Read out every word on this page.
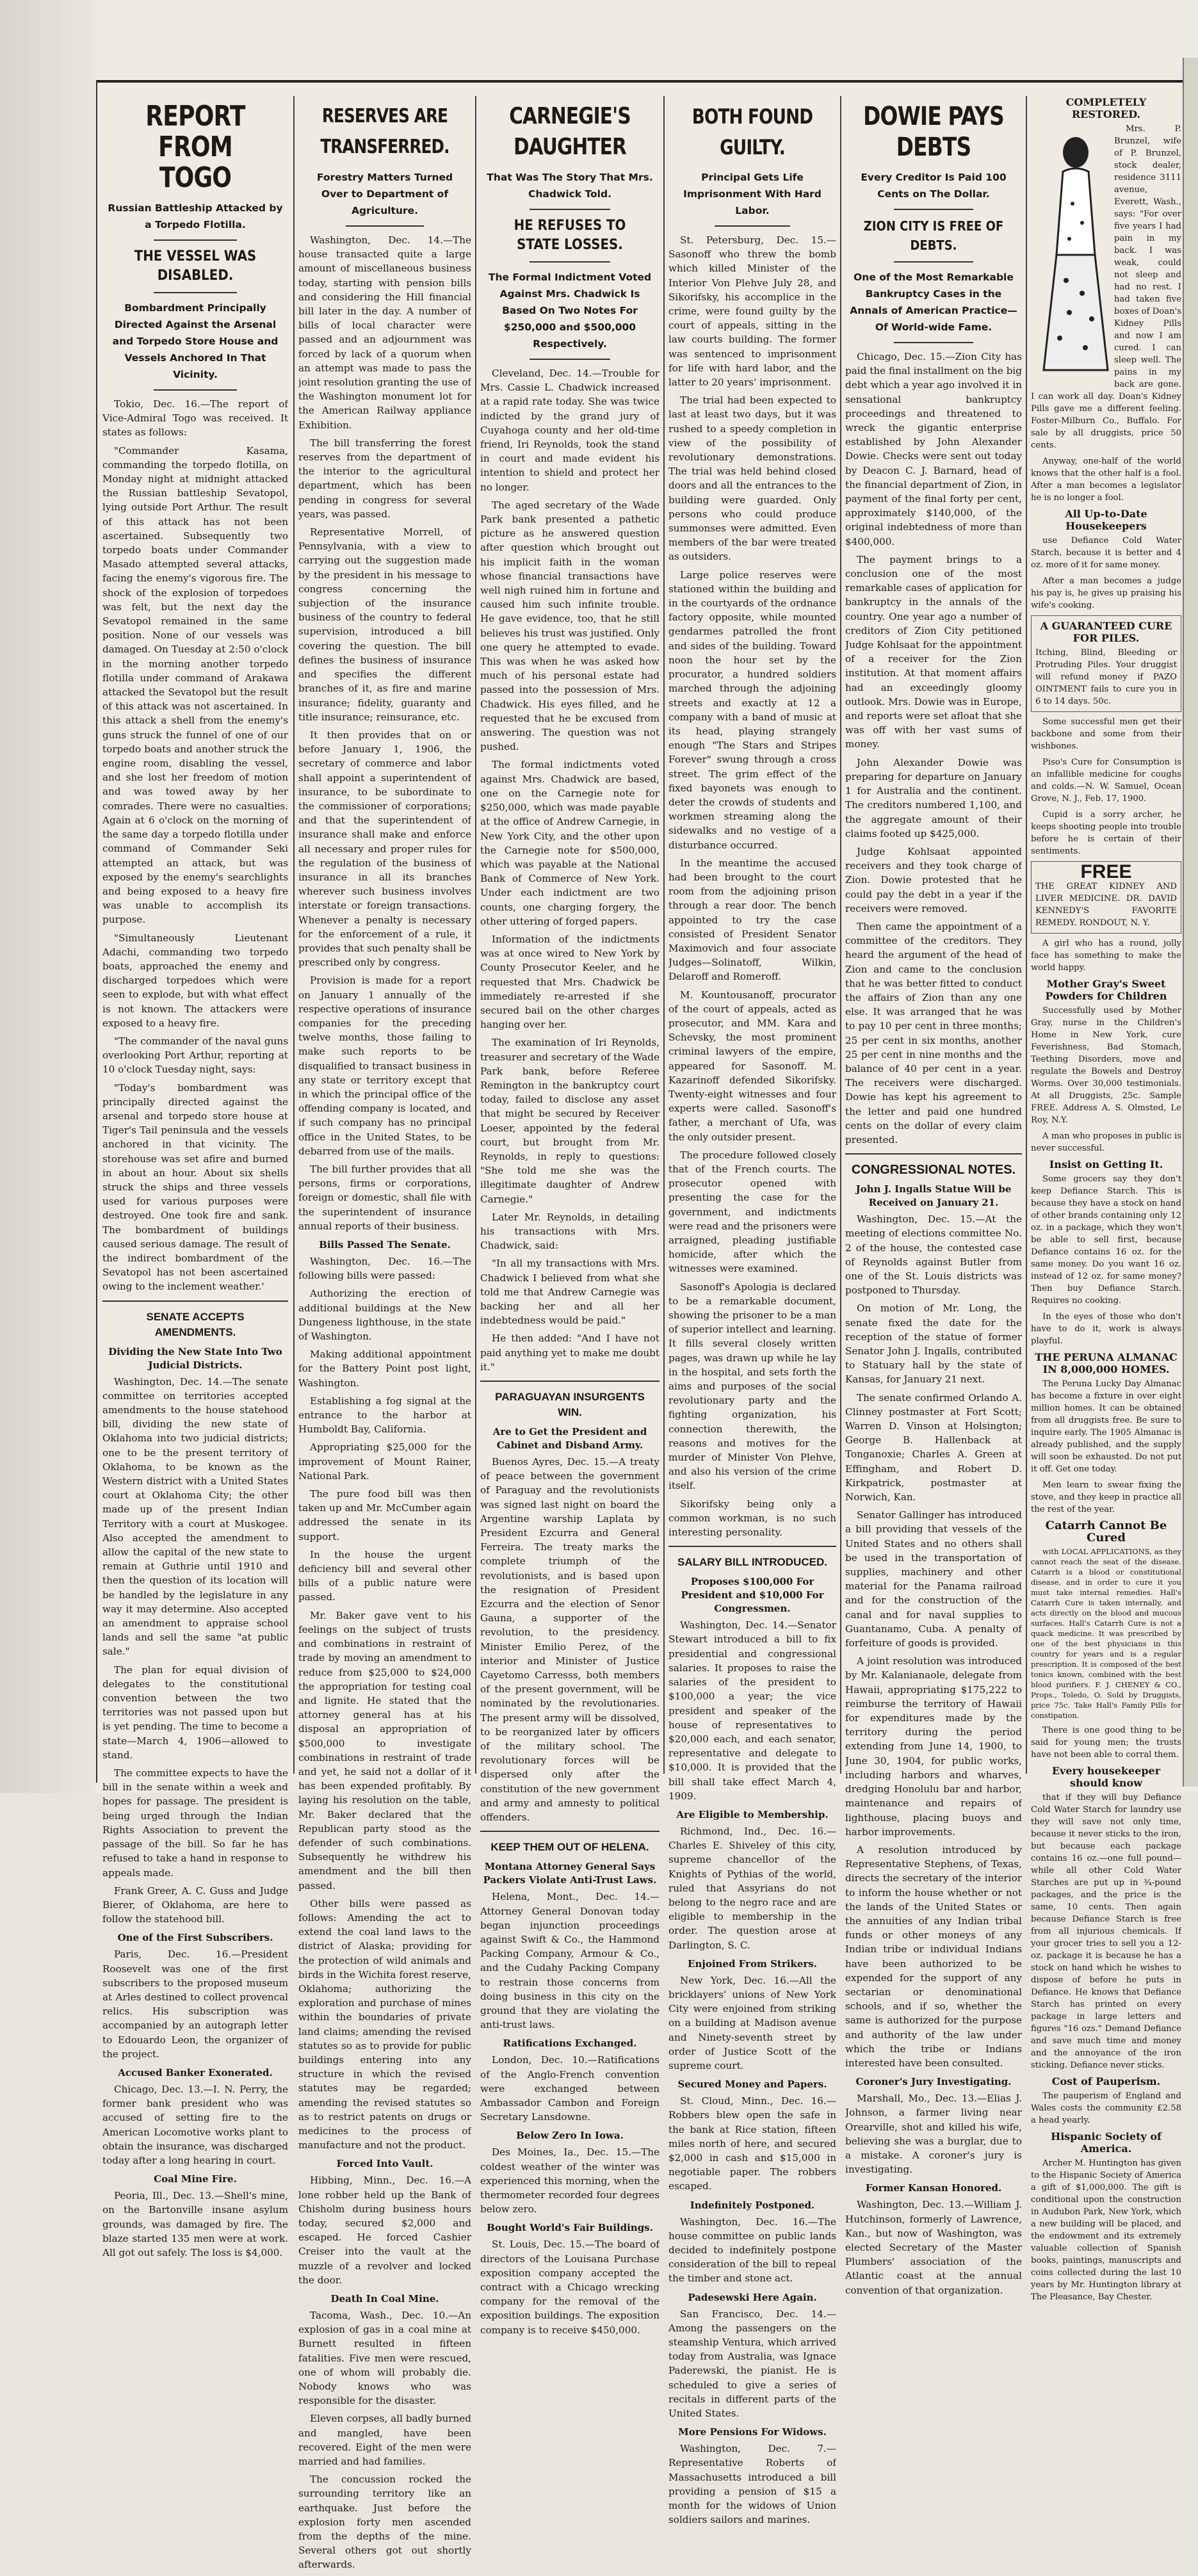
REPORT FROM TOGO
Russian Battleship Attacked by a Torpedo Flotilla.
THE VESSEL WAS DISABLED.
Bombardment Principally Directed Against the Arsenal and Torpedo Store House and Vessels Anchored In That Vicinity.

Tokio, Dec. 16.—The report of Vice-Admiral Togo was received. It states as follows:

"Commander Kasama, commanding the torpedo flotilla, on Monday night at midnight attacked the Russian battleship Sevatopol, lying outside Port Arthur. The result of this attack has not been ascertained. Subsequently two torpedo boats under Commander Masado attempted several attacks, facing the enemy's vigorous fire. The shock of the explosion of torpedoes was felt, but the next day the Sevatopol remained in the same position. None of our vessels was damaged. On Tuesday at 2:50 o'clock in the morning another torpedo flotilla under command of Arakawa attacked the Sevatopol but the result of this attack was not ascertained. In this attack a shell from the enemy's guns struck the funnel of one of our torpedo boats and another struck the engine room, disabling the vessel, and she lost her freedom of motion and was towed away by her comrades. There were no casualties. Again at 6 o'clock on the morning of the same day a torpedo flotilla under command of Commander Seki attempted an attack, but was exposed by the enemy's searchlights and being exposed to a heavy fire was unable to accomplish its purpose.

"Simultaneously Lieutenant Adachi, commanding two torpedo boats, approached the enemy and discharged torpedoes which were seen to explode, but with what effect is not known. The attackers were exposed to a heavy fire.

"The commander of the naval guns overlooking Port Arthur, reporting at 10 o'clock Tuesday night, says:

"Today's bombardment was principally directed against the arsenal and torpedo store house at Tiger's Tail peninsula and the vessels anchored in that vicinity. The storehouse was set afire and burned in about an hour. About six shells struck the ships and three vessels used for various purposes were destroyed. One took fire and sank. The bombardment of buildings caused serious damage. The result of the indirect bombardment of the Sevatopol has not been ascertained owing to the inclement weather.'

SENATE ACCEPTS AMENDMENTS.
Dividing the New State Into Two Judicial Districts.

Washington, Dec. 14.—The senate committee on territories accepted amendments to the house statehood bill, dividing the new state of Oklahoma into two judicial districts; one to be the present territory of Oklahoma, to be known as the Western district with a United States court at Oklahoma City; the other made up of the present Indian Territory with a court at Muskogee. Also accepted the amendment to allow the capital of the new state to remain at Guthrie until 1910 and then the question of its location will be handled by the legislature in any way it may determine. Also accepted an amendment to appraise school lands and sell the same "at public sale."

The plan for equal division of delegates to the constitutional convention between the two territories was not passed upon but is yet pending. The time to become a state—March 4, 1906—allowed to stand.

The committee expects to have the bill in the senate within a week and hopes for passage. The president is being urged through the Indian Rights Association to prevent the passage of the bill. So far he has refused to take a hand in response to appeals made.

Frank Greer, A. C. Guss and Judge Bierer, of Oklahoma, are here to follow the statehood bill.

One of the First Subscribers.

Paris, Dec. 16.—President Roosevelt was one of the first subscribers to the proposed museum at Arles destined to collect provencal relics. His subscription was accompanied by an autograph letter to Edouardo Leon, the organizer of the project.

Accused Banker Exonerated.

Chicago, Dec. 13.—I. N. Perry, the former bank president who was accused of setting fire to the American Locomotive works plant to obtain the insurance, was discharged today after a long hearing in court.

Coal Mine Fire.

Peoria, Ill., Dec. 13.—Shell's mine, on the Bartonville insane asylum grounds, was damaged by fire. The blaze started 135 men were at work. All got out safely. The loss is $4,000.

RESERVES ARE TRANSFERRED.
Forestry Matters Turned Over to Department of Agriculture.

Washington, Dec. 14.—The house transacted quite a large amount of miscellaneous business today, starting with pension bills and considering the Hill financial bill later in the day. A number of bills of local character were passed and an adjournment was forced by lack of a quorum when an attempt was made to pass the joint resolution granting the use of the Washington monument lot for the American Railway appliance Exhibition.

The bill transferring the forest reserves from the department of the interior to the agricultural department, which has been pending in congress for several years, was passed.

Representative Morrell, of Pennsylvania, with a view to carrying out the suggestion made by the president in his message to congress concerning the subjection of the insurance business of the country to federal supervision, introduced a bill covering the question. The bill defines the business of insurance and specifies the different branches of it, as fire and marine insurance; fidelity, guaranty and title insurance; reinsurance, etc.

It then provides that on or before January 1, 1906, the secretary of commerce and labor shall appoint a superintendent of insurance, to be subordinate to the commissioner of corporations; and that the superintendent of insurance shall make and enforce all necessary and proper rules for the regulation of the business of insurance in all its branches wherever such business involves interstate or foreign transactions. Whenever a penalty is necessary for the enforcement of a rule, it provides that such penalty shall be prescribed only by congress.

Provision is made for a report on January 1 annually of the respective operations of insurance companies for the preceding twelve months, those failing to make such reports to be disqualified to transact business in any state or territory except that in which the principal office of the offending company is located, and if such company has no principal office in the United States, to be debarred from use of the mails.

The bill further provides that all persons, firms or corporations, foreign or domestic, shall file with the superintendent of insurance annual reports of their business.

Bills Passed The Senate.

Washington, Dec. 16.—The following bills were passed:

Authorizing the erection of additional buildings at the New Dungeness lighthouse, in the state of Washington.

Making additional appointment for the Battery Point post light, Washington.

Establishing a fog signal at the entrance to the harbor at Humboldt Bay, California.

Appropriating $25,000 for the improvement of Mount Rainer, National Park.

The pure food bill was then taken up and Mr. McCumber again addressed the senate in its support.

In the house the urgent deficiency bill and several other bills of a public nature were passed.

Mr. Baker gave vent to his feelings on the subject of trusts and combinations in restraint of trade by moving an amendment to reduce from $25,000 to $24,000 the appropriation for testing coal and lignite. He stated that the attorney general has at his disposal an appropriation of $500,000 to investigate combinations in restraint of trade and yet, he said not a dollar of it has been expended profitably. By laying his resolution on the table, Mr. Baker declared that the Republican party stood as the defender of such combinations. Subsequently he withdrew his amendment and the bill then passed.

Other bills were passed as follows: Amending the act to extend the coal land laws to the district of Alaska; providing for the protection of wild animals and birds in the Wichita forest reserve, Oklahoma; authorizing the exploration and purchase of mines within the boundaries of private land claims; amending the revised statutes so as to provide for public buildings entering into any structure in which the revised statutes may be regarded; amending the revised statutes so as to restrict patents on drugs or medicines to the process of manufacture and not the product.

Forced Into Vault.

Hibbing, Minn., Dec. 16.—A lone robber held up the Bank of Chisholm during business hours today, secured $2,000 and escaped. He forced Cashier Creiser into the vault at the muzzle of a revolver and locked the door.

Death In Coal Mine.

Tacoma, Wash., Dec. 10.—An explosion of gas in a coal mine at Burnett resulted in fifteen fatalities. Five men were rescued, one of whom will probably die. Nobody knows who was responsible for the disaster.

Eleven corpses, all badly burned and mangled, have been recovered. Eight of the men were married and had families.

The concussion rocked the surrounding territory like an earthquake. Just before the explosion forty men ascended from the depths of the mine. Several others got out shortly afterwards.

CARNEGIE'S DAUGHTER
That Was The Story That Mrs. Chadwick Told.
HE REFUSES TO STATE LOSSES.
The Formal Indictment Voted Against Mrs. Chadwick Is Based On Two Notes For $250,000 and $500,000 Respectively.

Cleveland, Dec. 14.—Trouble for Mrs. Cassie L. Chadwick increased at a rapid rate today. She was twice indicted by the grand jury of Cuyahoga county and her old-time friend, Iri Reynolds, took the stand in court and made evident his intention to shield and protect her no longer.

The aged secretary of the Wade Park bank presented a pathetic picture as he answered question after question which brought out his implicit faith in the woman whose financial transactions have well nigh ruined him in fortune and caused him such infinite trouble. He gave evidence, too, that he still believes his trust was justified. Only one query he attempted to evade. This was when he was asked how much of his personal estate had passed into the possession of Mrs. Chadwick. His eyes filled, and he requested that he be excused from answering. The question was not pushed.

The formal indictments voted against Mrs. Chadwick are based, one on the Carnegie note for $250,000, which was made payable at the office of Andrew Carnegie, in New York City, and the other upon the Carnegie note for $500,000, which was payable at the National Bank of Commerce of New York. Under each indictment are two counts, one charging forgery, the other uttering of forged papers.

Information of the indictments was at once wired to New York by County Prosecutor Keeler, and he requested that Mrs. Chadwick be immediately re-arrested if she secured bail on the other charges hanging over her.

The examination of Iri Reynolds, treasurer and secretary of the Wade Park bank, before Referee Remington in the bankruptcy court today, failed to disclose any asset that might be secured by Receiver Loeser, appointed by the federal court, but brought from Mr. Reynolds, in reply to questions: "She told me she was the illegitimate daughter of Andrew Carnegie."

Later Mr. Reynolds, in detailing his transactions with Mrs. Chadwick, said:

"In all my transactions with Mrs. Chadwick I believed from what she told me that Andrew Carnegie was backing her and all her indebtedness would be paid."

He then added: "And I have not paid anything yet to make me doubt it."

PARAGUAYAN INSURGENTS WIN.
Are to Get the President and Cabinet and Disband Army.

Buenos Ayres, Dec. 15.—A treaty of peace between the government of Paraguay and the revolutionists was signed last night on board the Argentine warship Laplata by President Ezcurra and General Ferreira. The treaty marks the complete triumph of the revolutionists, and is based upon the resignation of President Ezcurra and the election of Senor Gauna, a supporter of the revolution, to the presidency. Minister Emilio Perez, of the interior and Minister of Justice Cayetomo Carresss, both members of the present government, will be nominated by the revolutionaries. The present army will be dissolved, to be reorganized later by officers of the military school. The revolutionary forces will be dispersed only after the constitution of the new government and army and amnesty to political offenders.

KEEP THEM OUT OF HELENA.
Montana Attorney General Says Packers Violate Anti-Trust Laws.

Helena, Mont., Dec. 14.—Attorney General Donovan today began injunction proceedings against Swift & Co., the Hammond Packing Company, Armour & Co., and the Cudahy Packing Company to restrain those concerns from doing business in this city on the ground that they are violating the anti-trust laws.

Ratifications Exchanged.

London, Dec. 10.—Ratifications of the Anglo-French convention were exchanged between Ambassador Cambon and Foreign Secretary Lansdowne.

Below Zero In Iowa.

Des Moines, Ia., Dec. 15.—The coldest weather of the winter was experienced this morning, when the thermometer recorded four degrees below zero.

Bought World's Fair Buildings.

St. Louis, Dec. 15.—The board of directors of the Louisana Purchase exposition company accepted the contract with a Chicago wrecking company for the removal of the exposition buildings. The exposition company is to receive $450,000.

BOTH FOUND GUILTY.
Principal Gets Life Imprisonment With Hard Labor.

St. Petersburg, Dec. 15.—Sasonoff who threw the bomb which killed Minister of the Interior Von Plehve July 28, and Sikorifsky, his accomplice in the crime, were found guilty by the court of appeals, sitting in the law courts building. The former was sentenced to imprisonment for life with hard labor, and the latter to 20 years' imprisonment.

The trial had been expected to last at least two days, but it was rushed to a speedy completion in view of the possibility of revolutionary demonstrations. The trial was held behind closed doors and all the entrances to the building were guarded. Only persons who could produce summonses were admitted. Even members of the bar were treated as outsiders.

Large police reserves were stationed within the building and in the courtyards of the ordnance factory opposite, while mounted gendarmes patrolled the front and sides of the building. Toward noon the hour set by the procurator, a hundred soldiers marched through the adjoining streets and exactly at 12 a company with a band of music at its head, playing strangely enough "The Stars and Stripes Forever" swung through a cross street. The grim effect of the fixed bayonets was enough to deter the crowds of students and workmen streaming along the sidewalks and no vestige of a disturbance occurred.

In the meantime the accused had been brought to the court room from the adjoining prison through a rear door. The bench appointed to try the case consisted of President Senator Maximovich and four associate Judges—Solinatoff, Wilkin, Delaroff and Romeroff.

M. Kountousanoff, procurator of the court of appeals, acted as prosecutor, and MM. Kara and Schevsky, the most prominent criminal lawyers of the empire, appeared for Sasonoff. M. Kazarinoff defended Sikorifsky. Twenty-eight witnesses and four experts were called. Sasonoff's father, a merchant of Ufa, was the only outsider present.

The procedure followed closely that of the French courts. The prosecutor opened with presenting the case for the government, and indictments were read and the prisoners were arraigned, pleading justifiable homicide, after which the witnesses were examined.

Sasonoff's Apologia is declared to be a remarkable document, showing the prisoner to be a man of superior intellect and learning. It fills several closely written pages, was drawn up while he lay in the hospital, and sets forth the aims and purposes of the social revolutionary party and the fighting organization, his connection therewith, the reasons and motives for the murder of Minister Von Plehve, and also his version of the crime itself.

Sikorifsky being only a common workman, is no such interesting personality.

SALARY BILL INTRODUCED.
Proposes $100,000 For President and $10,000 For Congressmen.

Washington, Dec. 14.—Senator Stewart introduced a bill to fix presidential and congressional salaries. It proposes to raise the salaries of the president to $100,000 a year; the vice president and speaker of the house of representatives to $20,000 each, and each senator, representative and delegate to $10,000. It is provided that the bill shall take effect March 4, 1909.

Are Eligible to Membership.

Richmond, Ind., Dec. 16.—Charles E. Shiveley of this city, supreme chancellor of the Knights of Pythias of the world, ruled that Assyrians do not belong to the negro race and are eligible to membership in the order. The question arose at Darlington, S. C.

Enjoined From Strikers.

New York, Dec. 16.—All the bricklayers' unions of New York City were enjoined from striking on a building at Madison avenue and Ninety-seventh street by order of Justice Scott of the supreme court.

Secured Money and Papers.

St. Cloud, Minn., Dec. 16.—Robbers blew open the safe in the bank at Rice station, fifteen miles north of here, and secured $2,000 in cash and $15,000 in negotiable paper. The robbers escaped.

Indefinitely Postponed.

Washington, Dec. 16.—The house committee on public lands decided to indefinitely postpone consideration of the bill to repeal the timber and stone act.

Padesewski Here Again.

San Francisco, Dec. 14.—Among the passengers on the steamship Ventura, which arrived today from Australia, was Ignace Paderewski, the pianist. He is scheduled to give a series of recitals in different parts of the United States.

More Pensions For Widows.

Washington, Dec. 7.—Representative Roberts of Massachusetts introduced a bill providing a pension of $15 a month for the widows of Union soldiers sailors and marines.

DOWIE PAYS DEBTS
Every Creditor Is Paid 100 Cents on The Dollar.
ZION CITY IS FREE OF DEBTS.
One of the Most Remarkable Bankruptcy Cases in the Annals of American Practice—Of World-wide Fame.

Chicago, Dec. 15.—Zion City has paid the final installment on the big debt which a year ago involved it in sensational bankruptcy proceedings and threatened to wreck the gigantic enterprise established by John Alexander Dowie. Checks were sent out today by Deacon C. J. Barnard, head of the financial department of Zion, in payment of the final forty per cent, approximately $140,000, of the original indebtedness of more than $400,000.

The payment brings to a conclusion one of the most remarkable cases of application for bankruptcy in the annals of the country. One year ago a number of creditors of Zion City petitioned Judge Kohlsaat for the appointment of a receiver for the Zion institution. At that moment affairs had an exceedingly gloomy outlook. Mrs. Dowie was in Europe, and reports were set afloat that she was off with her vast sums of money.

John Alexander Dowie was preparing for departure on January 1 for Australia and the continent. The creditors numbered 1,100, and the aggregate amount of their claims footed up $425,000.

Judge Kohlsaat appointed receivers and they took charge of Zion. Dowie protested that he could pay the debt in a year if the receivers were removed.

Then came the appointment of a committee of the creditors. They heard the argument of the head of Zion and came to the conclusion that he was better fitted to conduct the affairs of Zion than any one else. It was arranged that he was to pay 10 per cent in three months; 25 per cent in six months, another 25 per cent in nine months and the balance of 40 per cent in a year. The receivers were discharged. Dowie has kept his agreement to the letter and paid one hundred cents on the dollar of every claim presented.

CONGRESSIONAL NOTES.
John J. Ingalls Statue Will be Received on January 21.

Washington, Dec. 15.—At the meeting of elections committee No. 2 of the house, the contested case of Reynolds against Butler from one of the St. Louis districts was postponed to Thursday.

On motion of Mr. Long, the senate fixed the date for the reception of the statue of former Senator John J. Ingalls, contributed to Statuary hall by the state of Kansas, for January 21 next.

The senate confirmed Orlando A. Clinney postmaster at Fort Scott; Warren D. Vinson at Holsington; George B. Hallenback at Tonganoxie; Charles A. Green at Effingham, and Robert D. Kirkpatrick, postmaster at Norwich, Kan.

Senator Gallinger has introduced a bill providing that vessels of the United States and no others shall be used in the transportation of supplies, machinery and other material for the Panama railroad and for the construction of the canal and for naval supplies to Guantanamo, Cuba. A penalty of forfeiture of goods is provided.

A joint resolution was introduced by Mr. Kalanianaole, delegate from Hawaii, appropriating $175,222 to reimburse the territory of Hawaii for expenditures made by the territory during the period extending from June 14, 1900, to June 30, 1904, for public works, including harbors and wharves, dredging Honolulu bar and harbor, maintenance and repairs of lighthouse, placing buoys and harbor improvements.

A resolution introduced by Representative Stephens, of Texas, directs the secretary of the interior to inform the house whether or not the lands of the United States or the annuities of any Indian tribal funds or other moneys of any Indian tribe or individual Indians have been authorized to be expended for the support of any sectarian or denominational schools, and if so, whether the same is authorized for the purpose and authority of the law under which the tribe or Indians interested have been consulted.

Coroner's Jury Investigating.

Marshall, Mo., Dec. 13.—Elias J. Johnson, a farmer living near Orearville, shot and killed his wife, believing she was a burglar, due to a mistake. A coroner's jury is investigating.

Former Kansan Honored.

Washington, Dec. 13.—William J. Hutchinson, formerly of Lawrence, Kan., but now of Washington, was elected Secretary of the Master Plumbers' association of the Atlantic coast at the annual convention of that organization.

COMPLETELY RESTORED.

Mrs. P. Brunzel, wife of P. Brunzel, stock dealer, residence 3111 avenue, Everett, Wash., says: "For over five years I had pain in my back. I was weak, could not sleep and had no rest. I had taken five boxes of Doan's Kidney Pills and now I am cured. I can sleep well. The pains in my back are gone. I can work all day. Doan's Kidney Pills gave me a different feeling. Foster-Milburn Co., Buffalo. For sale by all druggists, price 50 cents.

Anyway, one-half of the world knows that the other half is a fool. After a man becomes a legislator he is no longer a fool.

All Up-to-Date Housekeepers

use Defiance Cold Water Starch, because it is better and 4 oz. more of it for same money.

After a man becomes a judge his pay is, he gives up praising his wife's cooking.

A GUARANTEED CURE FOR PILES.
Itching, Blind, Bleeding or Protruding Piles. Your druggist will refund money if PAZO OINTMENT fails to cure you in 6 to 14 days. 50c.

Some successful men get their backbone and some from their wishbones.

Piso's Cure for Consumption is an infallible medicine for coughs and colds.—N. W. Samuel, Ocean Grove, N. J., Feb. 17, 1900.

Cupid is a sorry archer, he keeps shooting people into trouble before he is certain of their sentiments.

FREE
THE GREAT KIDNEY AND LIVER MEDICINE. DR. DAVID KENNEDY'S FAVORITE REMEDY. RONDOUT, N. Y.

A girl who has a round, jolly face has something to make the world happy.

Mother Gray's Sweet Powders for Children

Successfully used by Mother Gray, nurse in the Children's Home in New York, cure Feverishness, Bad Stomach, Teething Disorders, move and regulate the Bowels and Destroy Worms. Over 30,000 testimonials. At all Druggists, 25c. Sample FREE. Address A. S. Olmsted, Le Roy, N.Y.

A man who proposes in public is never successful.

Insist on Getting It.

Some grocers say they don't keep Defiance Starch. This is because they have a stock on hand of other brands containing only 12 oz. in a package, which they won't be able to sell first, because Defiance contains 16 oz. for the same money. Do you want 16 oz. instead of 12 oz. for same money? Then buy Defiance Starch. Requires no cooking.

In the eyes of those who don't have to do it, work is always playful.

THE PERUNA ALMANAC IN 8,000,000 HOMES.

The Peruna Lucky Day Almanac has become a fixture in over eight million homes. It can be obtained from all druggists free. Be sure to inquire early. The 1905 Almanac is already published, and the supply will soon be exhausted. Do not put it off. Get one today.

Men learn to swear fixing the stove, and they keep in practice all the rest of the year.

Catarrh Cannot Be Cured

with LOCAL APPLICATIONS, as they cannot reach the seat of the disease. Catarrh is a blood or constitutional disease, and in order to cure it you must take internal remedies. Hall's Catarrh Cure is taken internally, and acts directly on the blood and mucous surfaces. Hall's Catarrh Cure is not a quack medicine. It was prescribed by one of the best physicians in this country for years and is a regular prescription. It is composed of the best tonics known, combined with the best blood purifiers. F. J. CHENEY & CO., Props., Toledo, O. Sold by Druggists, price 75c. Take Hall's Family Pills for constipation.

There is one good thing to be said for young men; the trusts have not been able to corral them.

Every housekeeper should know

that if they will buy Defiance Cold Water Starch for laundry use they will save not only time, because it never sticks to the iron, but because each package contains 16 oz.—one full pound—while all other Cold Water Starches are put up in ¾-pound packages, and the price is the same, 10 cents. Then again because Defiance Starch is free from all injurious chemicals. If your grocer tries to sell you a 12-oz. package it is because he has a stock on hand which he wishes to dispose of before he puts in Defiance. He knows that Defiance Starch has printed on every package in large letters and figures "16 ozs." Demand Defiance and save much time and money and the annoyance of the iron sticking. Defiance never sticks.

Cost of Pauperism.

The pauperism of England and Wales costs the community £2.58 a head yearly.

Hispanic Society of America.

Archer M. Huntington has given to the Hispanic Society of America a gift of $1,000,000. The gift is conditional upon the construction in Audubon Park, New York, which a new building will be placed, and the endowment and its extremely valuable collection of Spanish books, paintings, manuscripts and coins collected during the last 10 years by Mr. Huntington library at The Pleasance, Bay Chester.
